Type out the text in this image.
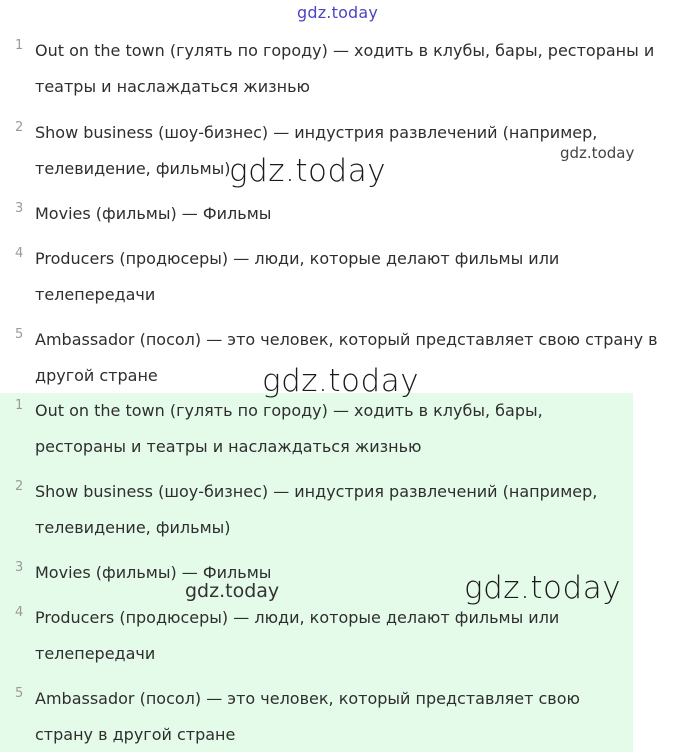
gdz.today
1 Out on the town (гулять по городу) — ходить в клубы, бары, рестораны и театры и наслаждаться жизнью
2 Show business (шоу-бизнес) — индустрия развлечений (например, телевидение, фильмы)
3 Movies (фильмы) — Фильмы
4 Producers (продюсеры) — люди, которые делают фильмы или телепередачи
5 Ambassador (посол) — это человек, который представляет свою страну в другой стране
1 Out on the town (гулять по городу) — ходить в клубы, бары, рестораны и театры и наслаждаться жизнью
2 Show business (шоу-бизнес) — индустрия развлечений (например, телевидение, фильмы)
3 Movies (фильмы) — Фильмы
4 Producers (продюсеры) — люди, которые делают фильмы или телепередачи
5 Ambassador (посол) — это человек, который представляет свою страну в другой стране
gdz.today
gdz.today
gdz.today
gdz.today	gdz.today
